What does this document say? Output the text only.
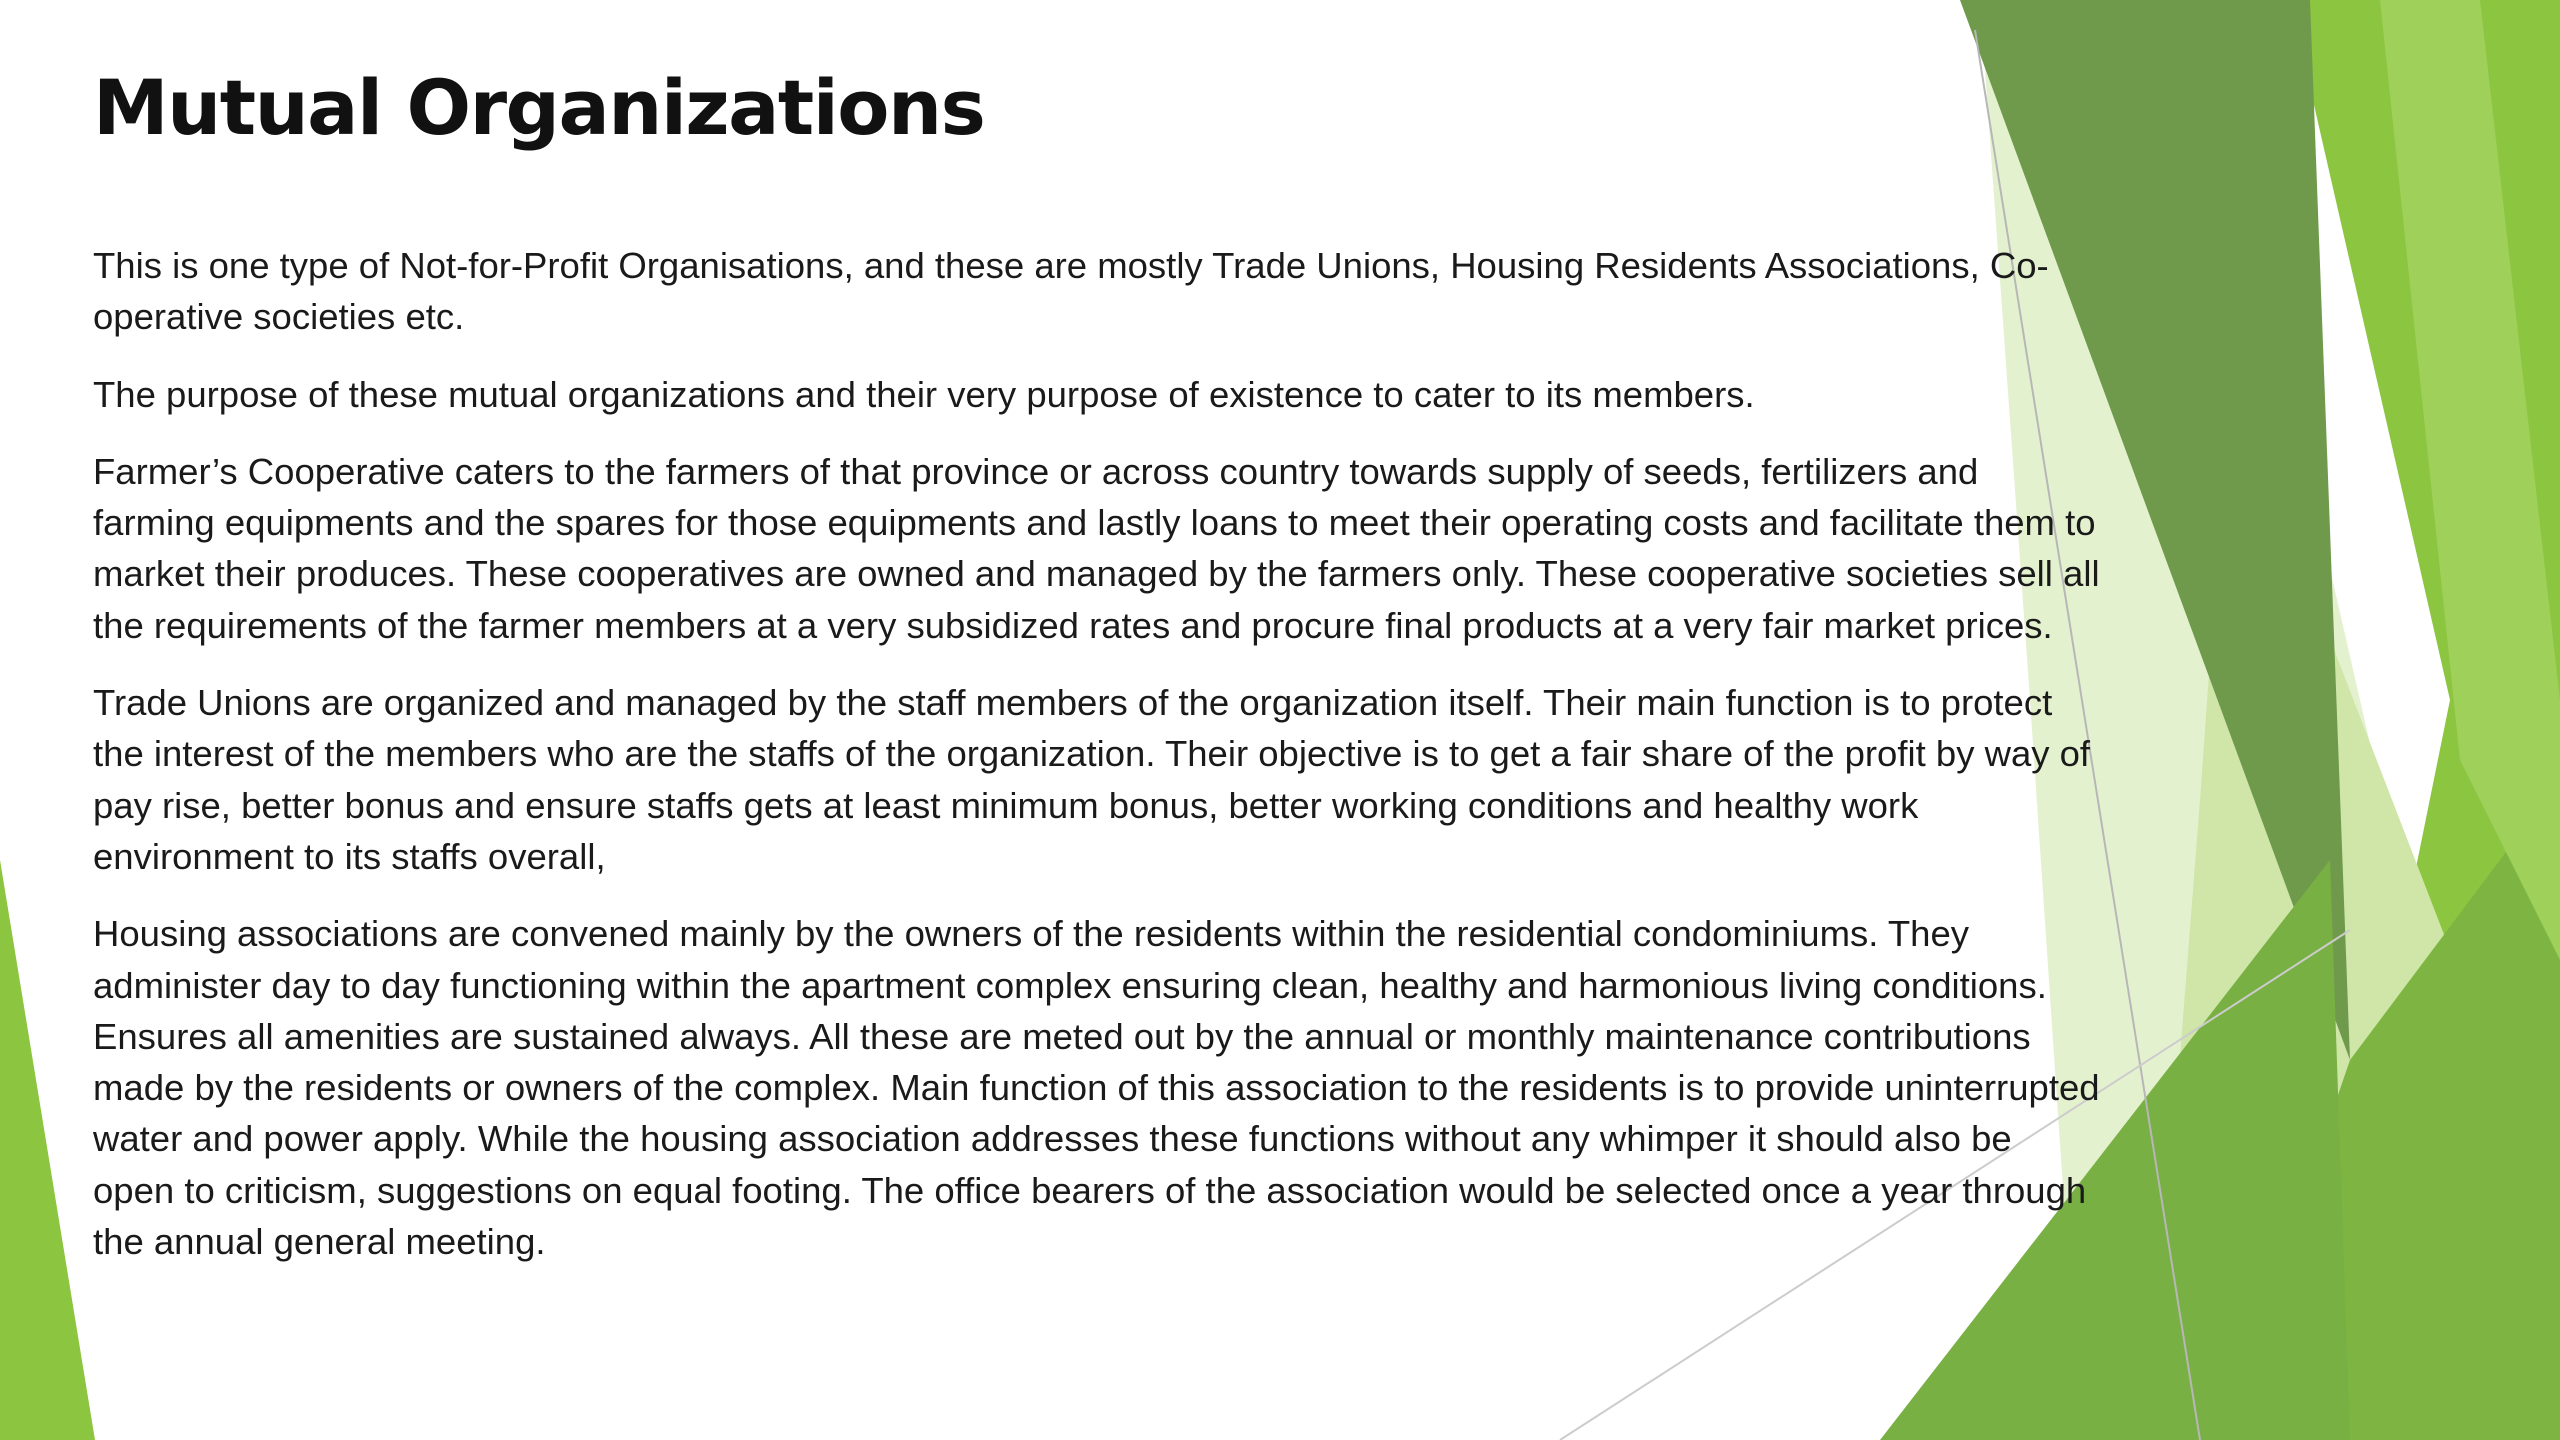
Mutual Organizations

This is one type of Not-for-Profit Organisations, and these are mostly Trade Unions, Housing Residents Associations, Co-operative societies etc.

The purpose of these mutual organizations and their very purpose of existence to cater to its members.

Farmer’s Cooperative caters to the farmers of that province or across country towards supply of seeds, fertilizers and farming equipments and the spares for those equipments and lastly loans to meet their operating costs and facilitate them to market their produces. These cooperatives are owned and managed by the farmers only. These cooperative societies sell all the requirements of the farmer members at a very subsidized rates and procure final products at a very fair market prices.

Trade Unions are organized and managed by the staff members of the organization itself. Their main function is to protect the interest of the members who are the staffs of the organization. Their objective is to get a fair share of the profit by way of pay rise, better bonus and ensure staffs gets at least minimum bonus, better working conditions and healthy work environment to its staffs overall,

Housing associations are convened mainly by the owners of the residents within the residential condominiums. They administer day to day functioning within the apartment complex ensuring clean, healthy and harmonious living conditions. Ensures all amenities are sustained always. All these are meted out by the annual or monthly maintenance contributions made by the residents or owners of the complex. Main function of this association to the residents is to provide uninterrupted water and power apply. While the housing association addresses these functions without any whimper it should also be open to criticism, suggestions on equal footing. The office bearers of the association would be selected once a year through the annual general meeting.
